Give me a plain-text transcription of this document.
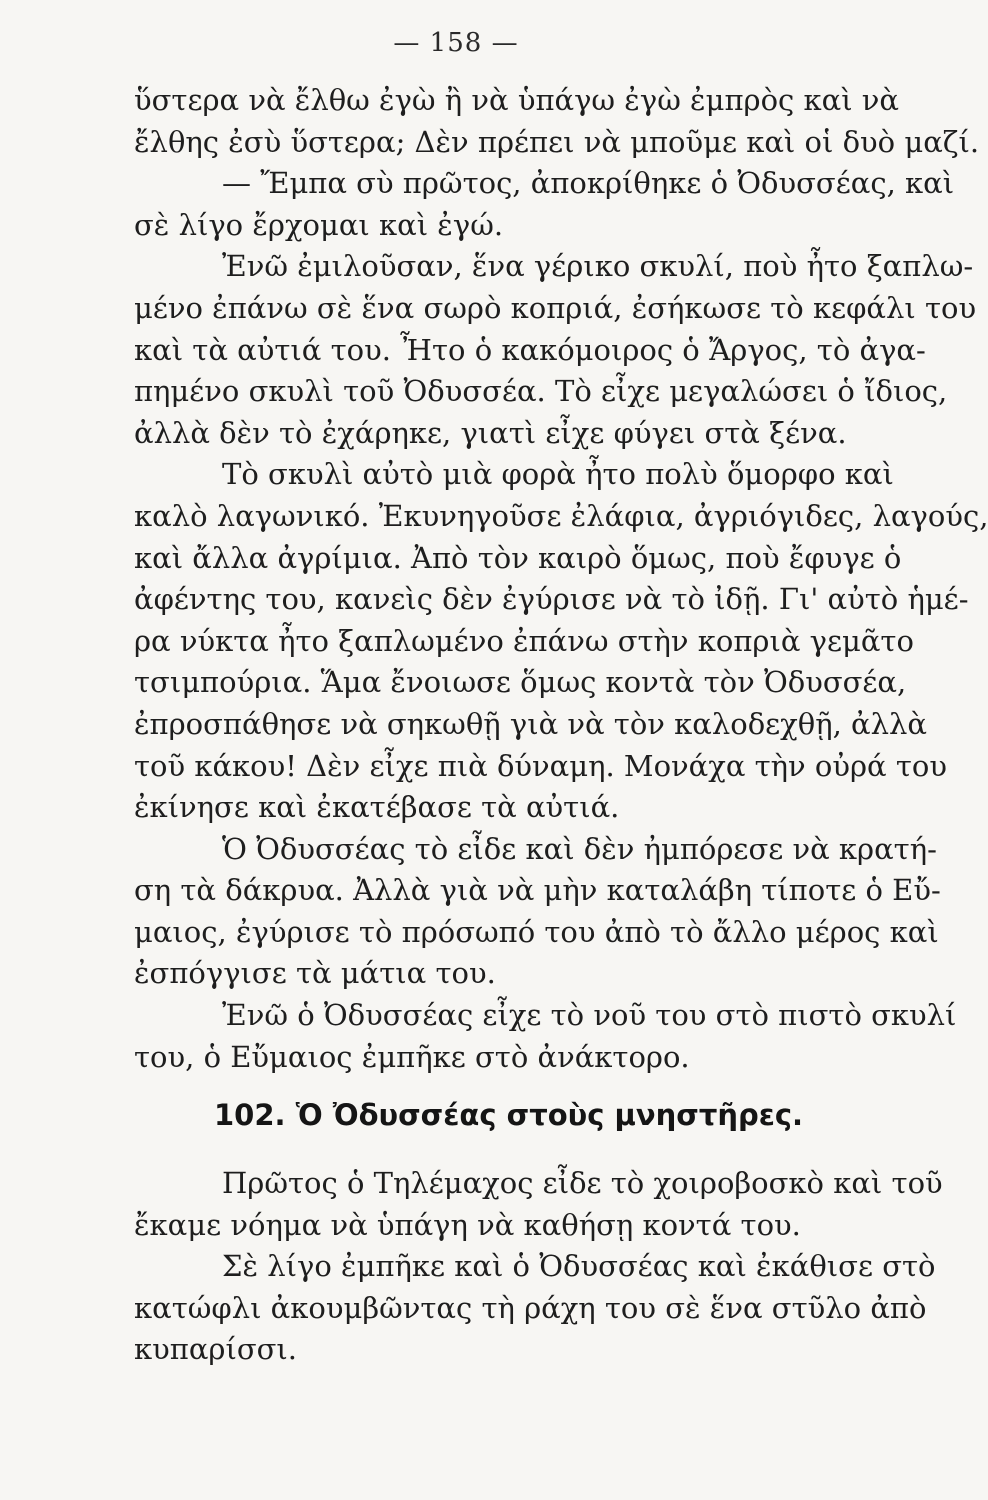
— 158 —
ὕστερα νὰ ἔλθω ἐγὼ ἢ νὰ ὑπάγω ἐγὼ ἐμπρὸς καὶ νὰ
ἔλθης ἐσὺ ὕστερα; Δὲν πρέπει νὰ μποῦμε καὶ οἱ δυὸ μαζί.
— Ἔμπα σὺ πρῶτος, ἀποκρίθηκε ὁ Ὀδυσσέας, καὶ
σὲ λίγο ἔρχομαι καὶ ἐγώ.
Ἐνῶ ἐμιλοῦσαν, ἕνα γέρικο σκυλί, ποὺ ἦτο ξαπλω-
μένο ἐπάνω σὲ ἕνα σωρὸ κοπριά, ἐσήκωσε τὸ κεφάλι του
καὶ τὰ αὐτιά του. Ἦτο ὁ κακόμοιρος ὁ Ἄργος, τὸ ἀγα-
πημένο σκυλὶ τοῦ Ὀδυσσέα. Τὸ εἶχε μεγαλώσει ὁ ἴδιος,
ἀλλὰ δὲν τὸ ἐχάρηκε, γιατὶ εἶχε φύγει στὰ ξένα.
Τὸ σκυλὶ αὐτὸ μιὰ φορὰ ἦτο πολὺ ὅμορφο καὶ
καλὸ λαγωνικό. Ἐκυνηγοῦσε ἐλάφια, ἀγριόγιδες, λαγούς,
καὶ ἄλλα ἀγρίμια. Ἀπὸ τὸν καιρὸ ὅμως, ποὺ ἔφυγε ὁ
ἀφέντης του, κανεὶς δὲν ἐγύρισε νὰ τὸ ἰδῇ. Γι' αὐτὸ ἡμέ-
ρα νύκτα ἦτο ξαπλωμένο ἐπάνω στὴν κοπριὰ γεμᾶτο
τσιμπούρια. Ἅμα ἔνοιωσε ὅμως κοντὰ τὸν Ὀδυσσέα,
ἐπροσπάθησε νὰ σηκωθῇ γιὰ νὰ τὸν καλοδεχθῇ, ἀλλὰ
τοῦ κάκου! Δὲν εἶχε πιὰ δύναμη. Μονάχα τὴν οὐρά του
ἐκίνησε καὶ ἐκατέβασε τὰ αὐτιά.
Ὁ Ὀδυσσέας τὸ εἶδε καὶ δὲν ἠμπόρεσε νὰ κρατή-
ση τὰ δάκρυα. Ἀλλὰ γιὰ νὰ μὴν καταλάβη τίποτε ὁ Εὔ-
μαιος, ἐγύρισε τὸ πρόσωπό του ἀπὸ τὸ ἄλλο μέρος καὶ
ἐσπόγγισε τὰ μάτια του.
Ἐνῶ ὁ Ὀδυσσέας εἶχε τὸ νοῦ του στὸ πιστὸ σκυλί
του, ὁ Εὔμαιος ἐμπῆκε στὸ ἀνάκτορο.
102. Ὁ Ὀδυσσέας στοὺς μνηστῆρες.
Πρῶτος ὁ Τηλέμαχος εἶδε τὸ χοιροβοσκὸ καὶ τοῦ
ἔκαμε νόημα νὰ ὑπάγη νὰ καθήσῃ κοντά του.
Σὲ λίγο ἐμπῆκε καὶ ὁ Ὀδυσσέας καὶ ἐκάθισε στὸ
κατώφλι ἀκουμβῶντας τὴ ράχη του σὲ ἕνα στῦλο ἀπὸ
κυπαρίσσι.
